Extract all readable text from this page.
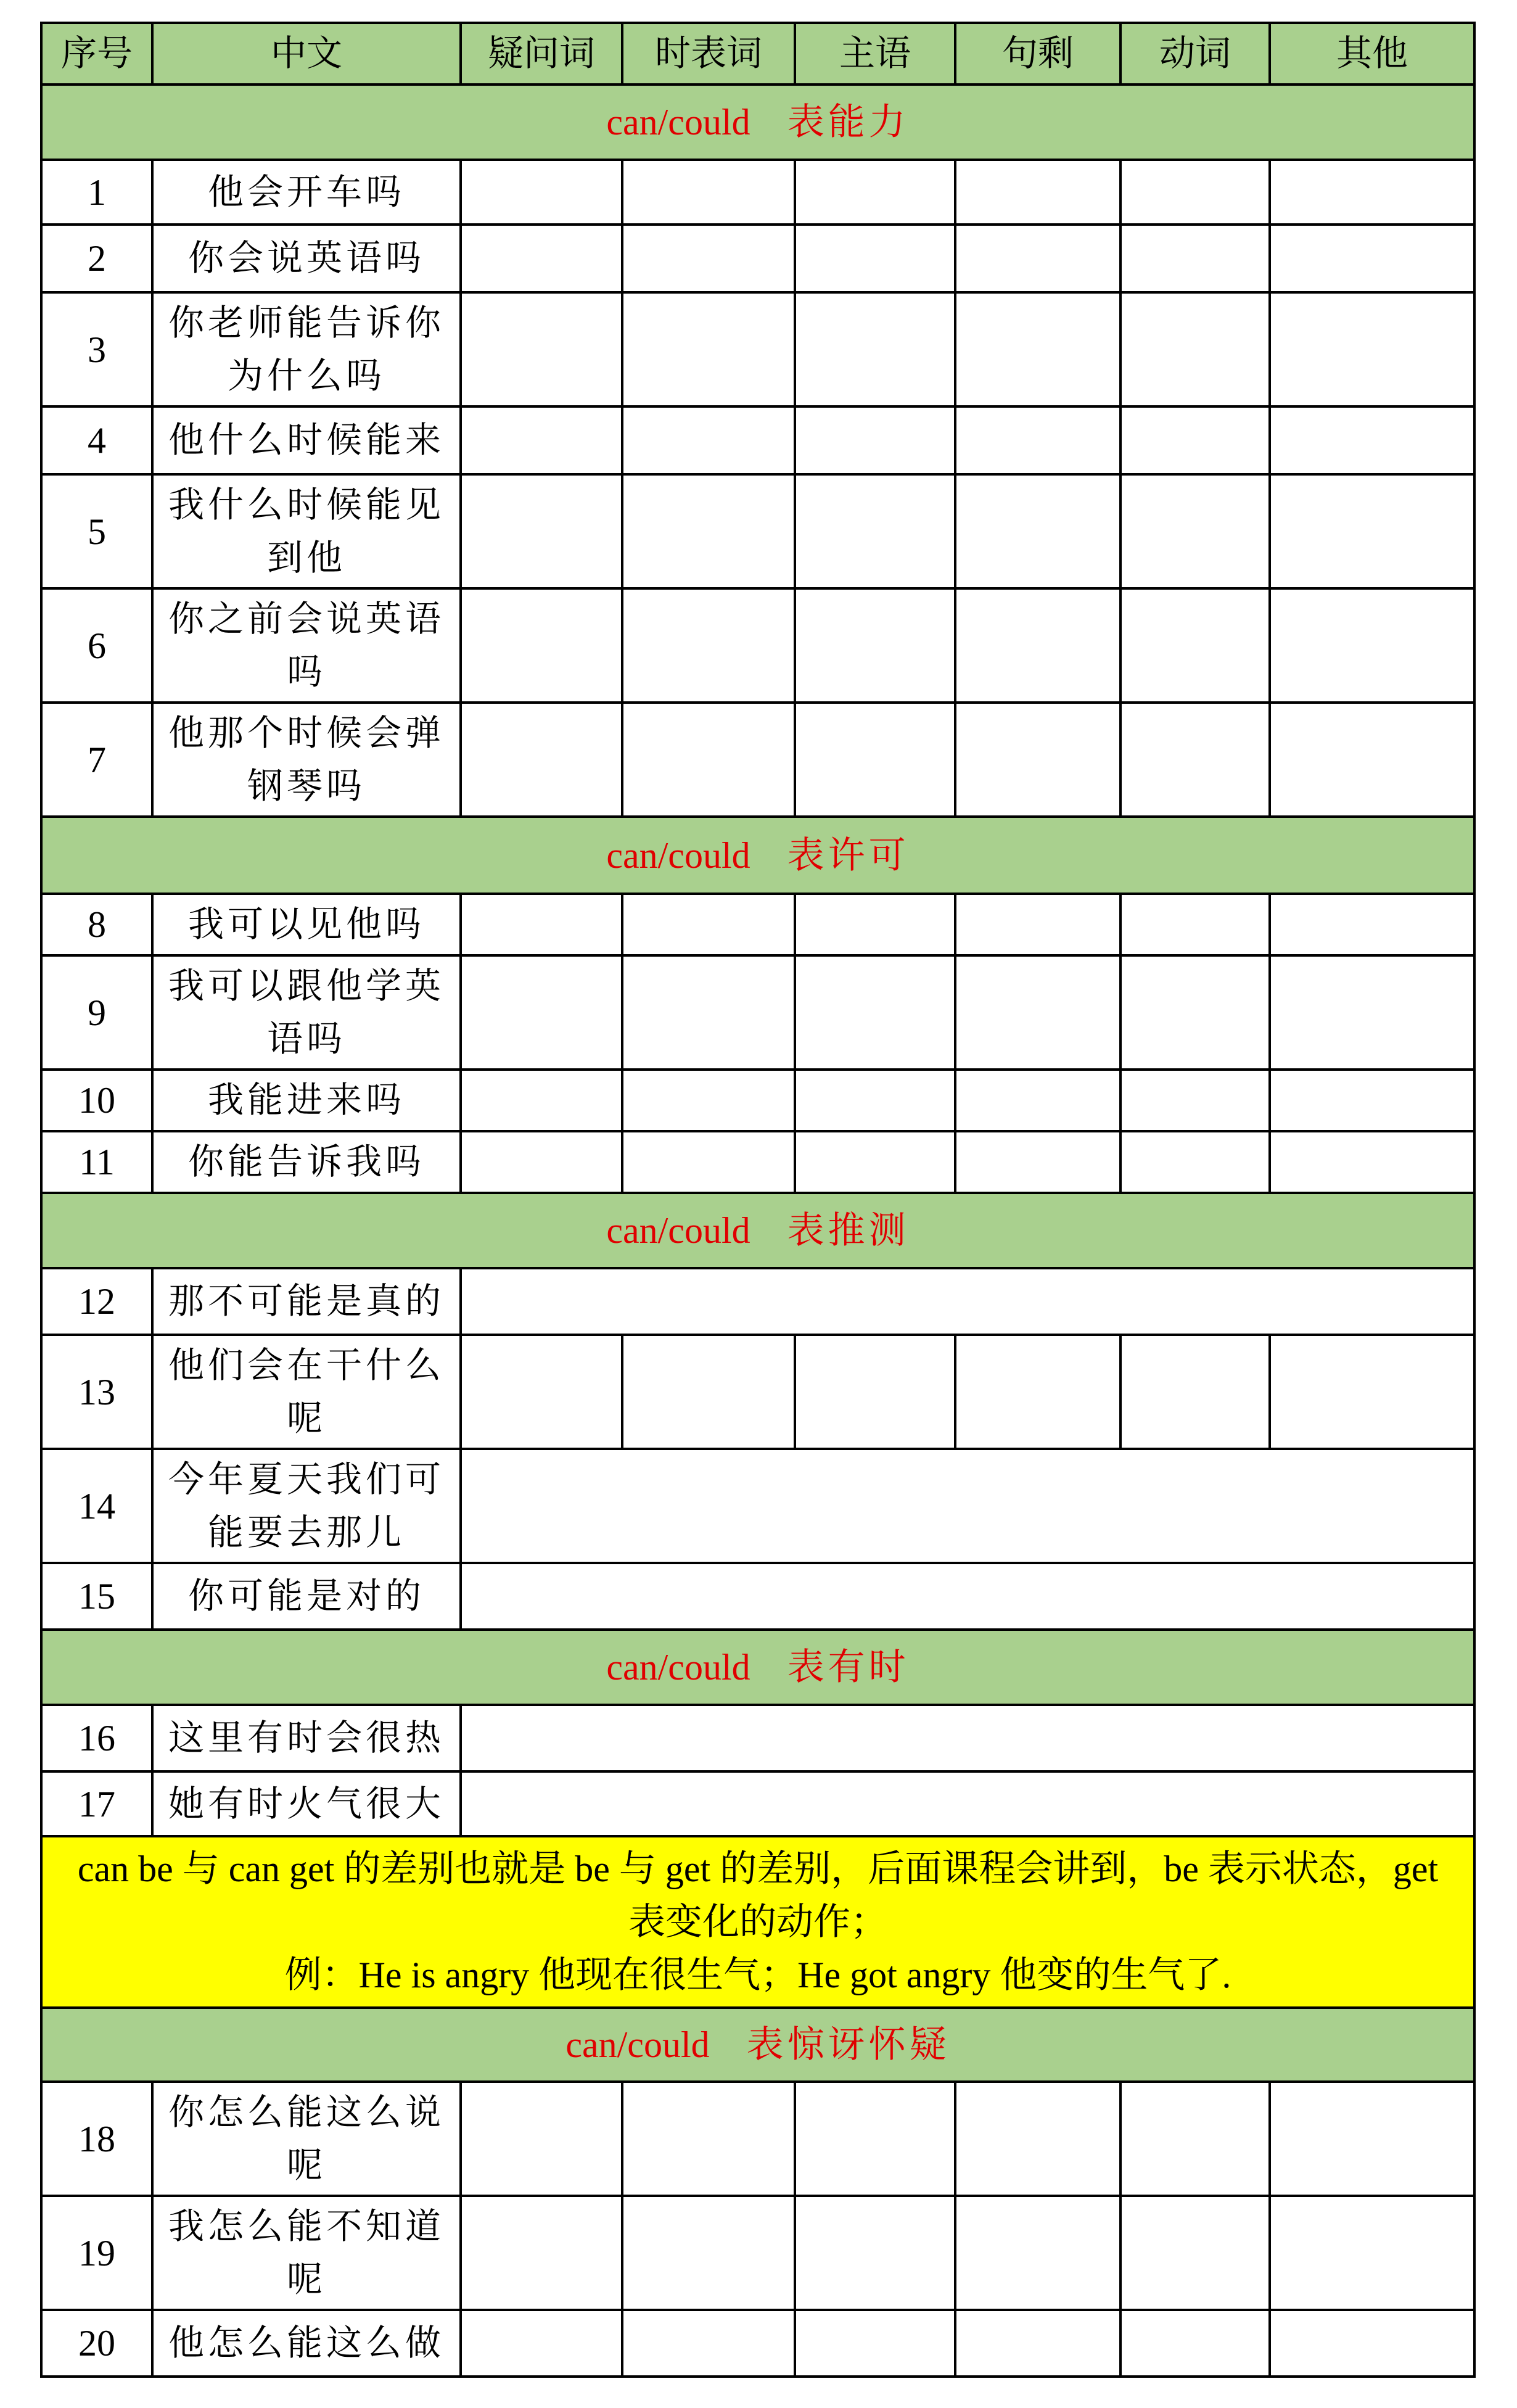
序号	中文	疑问词	时表词	主语	句剩	动词	其他
can/could 表能力							
1	他会开车吗						
2	你会说英语吗						
3	你老师能告诉你为什么吗						
4	他什么时候能来						
5	我什么时候能见到他						
6	你之前会说英语吗						
7	他那个时候会弹钢琴吗						
can/could 表许可							
8	我可以见他吗						
9	我可以跟他学英语吗						
10	我能进来吗						
11	你能告诉我吗						
can/could 表推测							
12	那不可能是真的						
13	他们会在干什么呢						
14	今年夏天我们可能要去那儿						
15	你可能是对的						
can/could 表有时							
16	这里有时会很热						
17	她有时火气很大						

can be 与 can get 的差别也就是 be 与 get 的差别，后面课程会讲到，be 表示状态，get 表变化的动作；
例：He is angry 他现在很生气；He got angry 他变的生气了.							

can/could 表惊讶怀疑							
18	你怎么能这么说呢						
19	我怎么能不知道呢						
20	他怎么能这么做						
